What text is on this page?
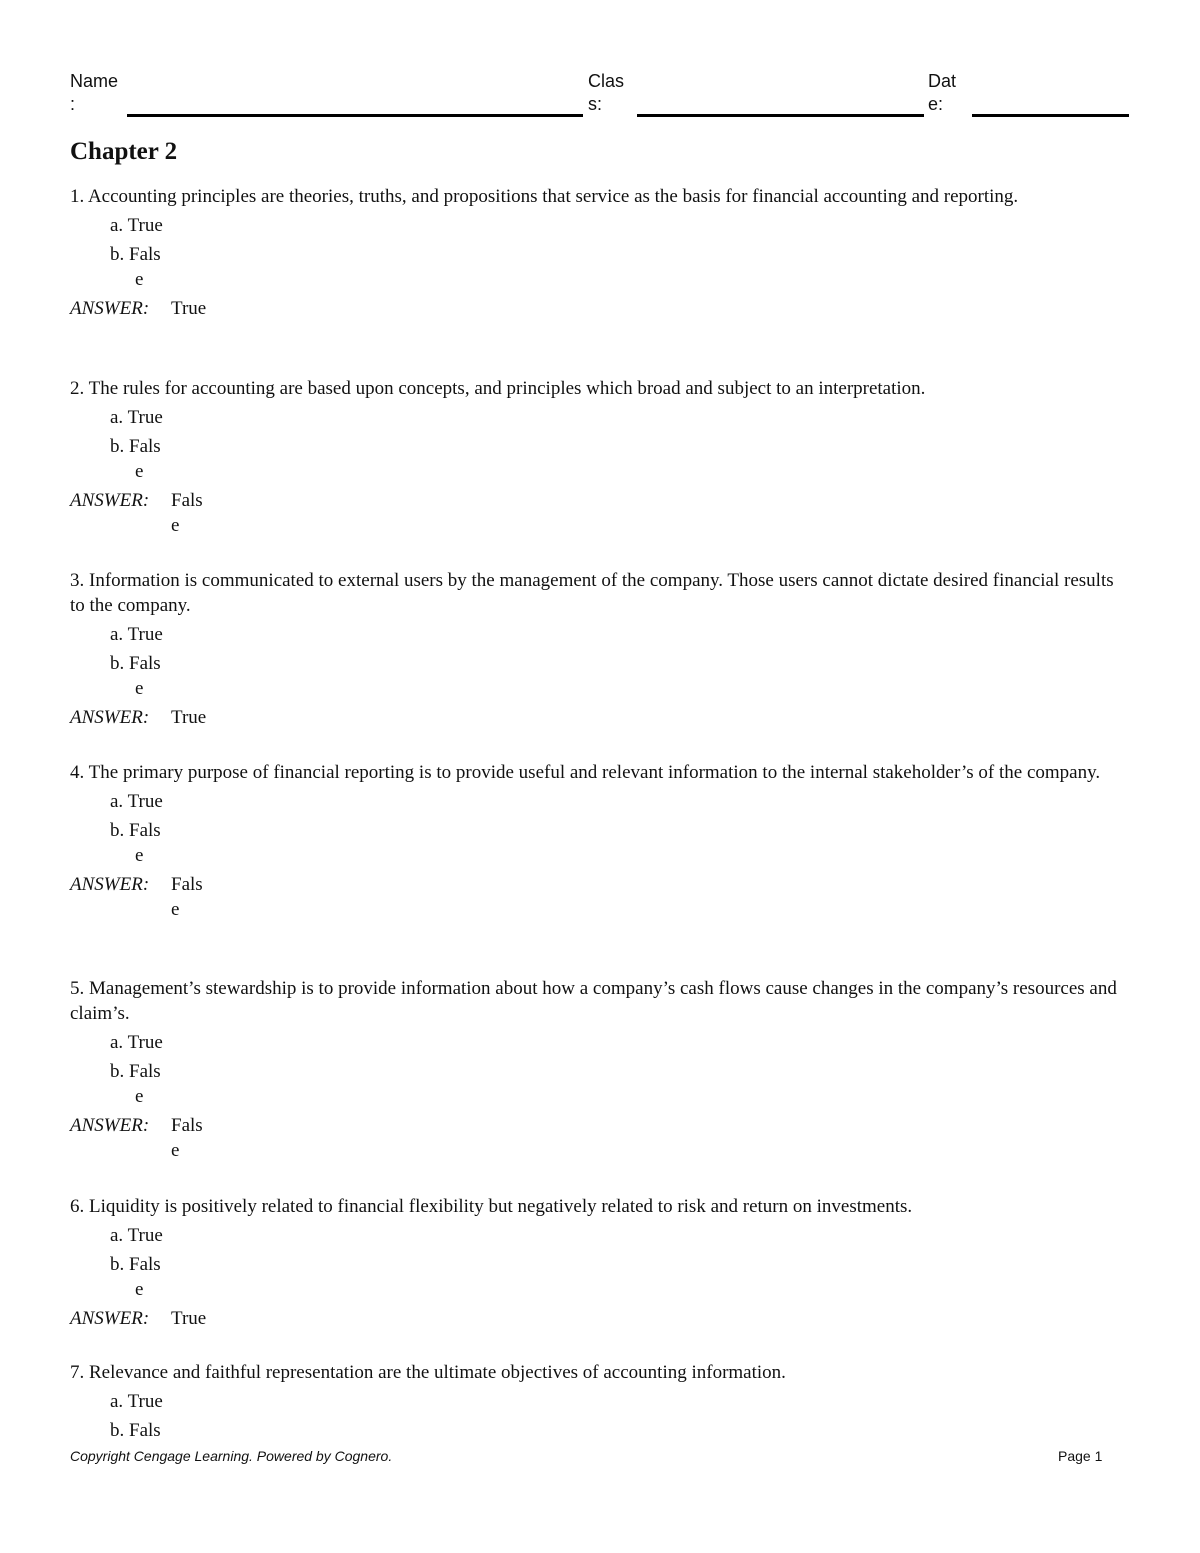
Name
:
Clas
s:
Dat
e:
Chapter 2
1. Accounting principles are theories, truths, and propositions that service as the basis for financial accounting and reporting.
a. True
b. Fals
e
ANSWER:	True
2. The rules for accounting are based upon concepts, and principles which broad and subject to an interpretation.
a. True
b. Fals
e
ANSWER:	Fals
e
3. Information is communicated to external users by the management of the company. Those users cannot dictate desired financial results to the company.
a. True
b. Fals
e
ANSWER:	True
4. The primary purpose of financial reporting is to provide useful and relevant information to the internal stakeholder’s of the company.
a. True
b. Fals
e
ANSWER:	Fals
e
5. Management’s stewardship is to provide information about how a company’s cash flows cause changes in the company’s resources and claim’s.
a. True
b. Fals
e
ANSWER:	Fals
e
6. Liquidity is positively related to financial flexibility but negatively related to risk and return on investments.
a. True
b. Fals
e
ANSWER:	True
7. Relevance and faithful representation are the ultimate objectives of accounting information.
a. True
b. Fals
Copyright Cengage Learning. Powered by Cognero.	Page 1
